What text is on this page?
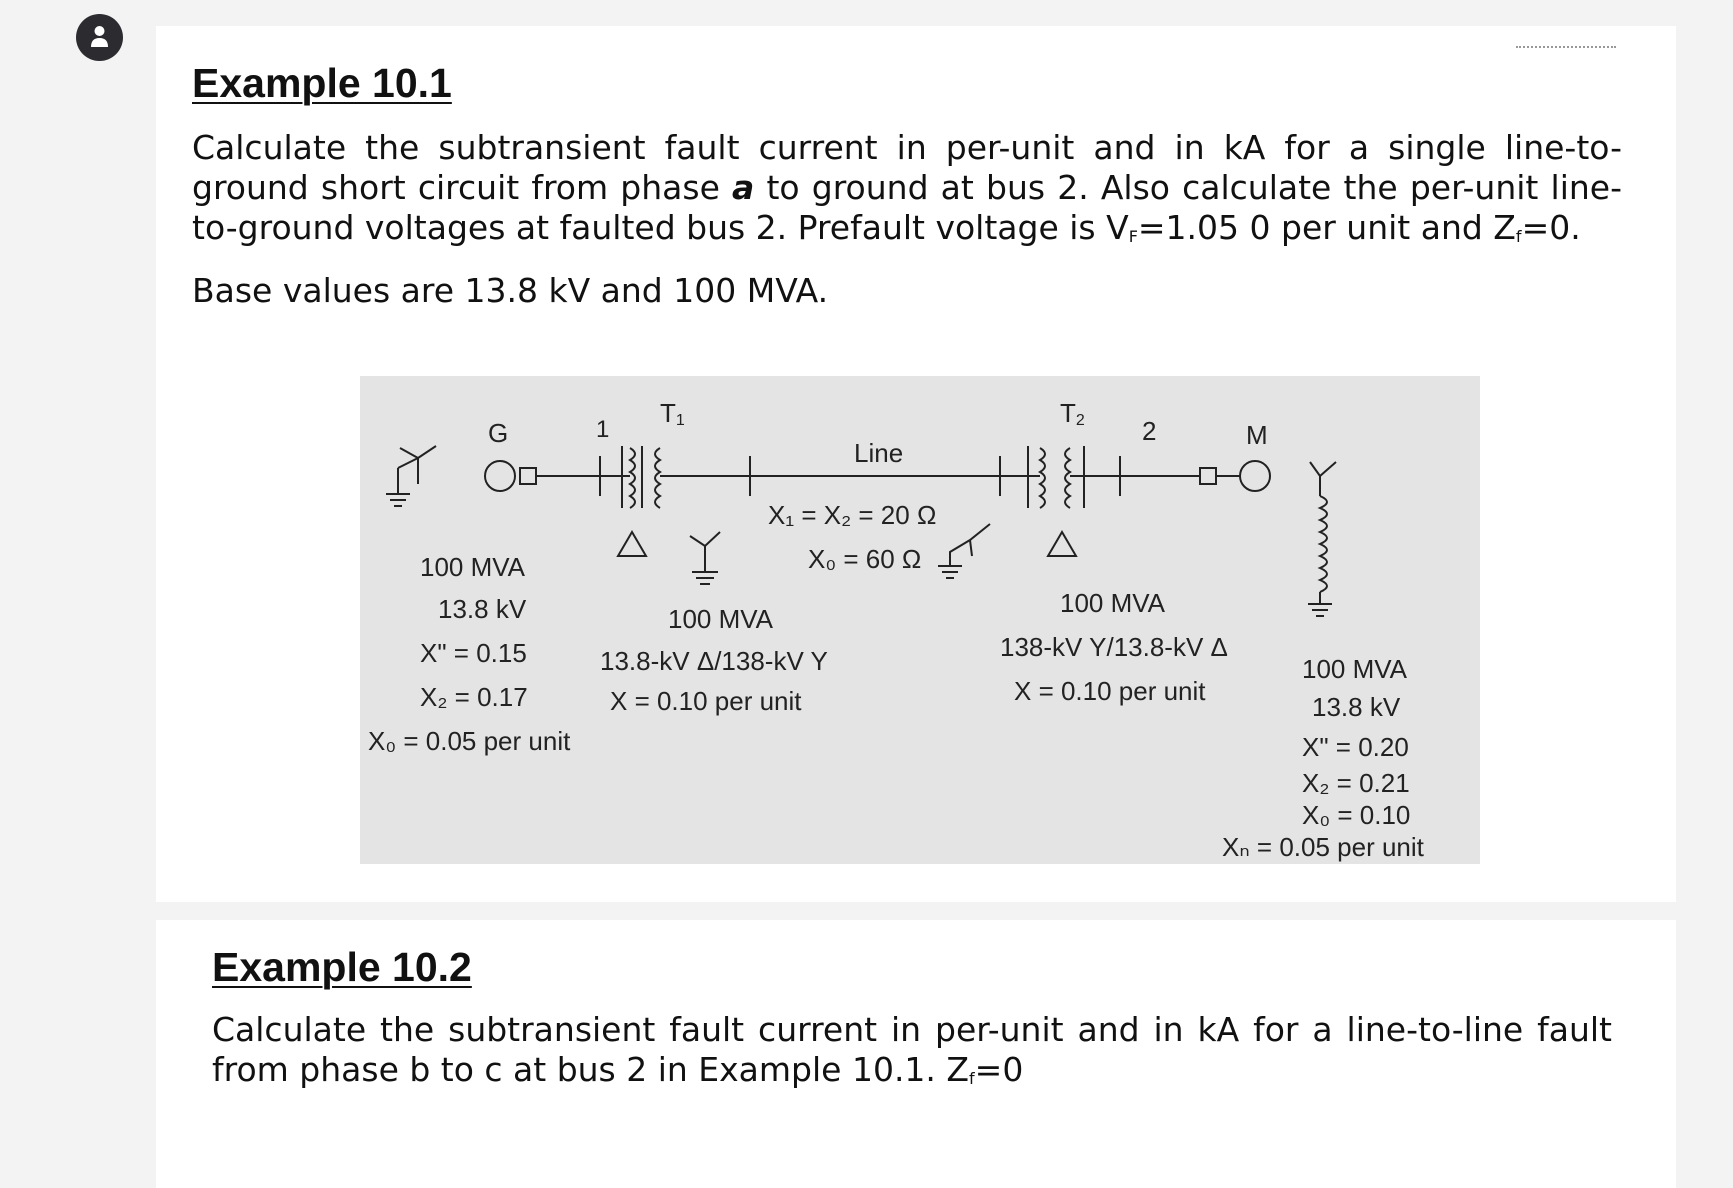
Example 10.1
Calculate the subtransient fault current in per-unit and in kA for a single line-to-
ground short circuit from phase a to ground at bus 2. Also calculate the per-unit line-
to-ground voltages at faulted bus 2. Prefault voltage is VF=1.05 0 per unit and Zf=0.
Base values are 13.8 kV and 100 MVA.
G	1
T1
Line
T2 2	M
X₁ = X₂ = 20 Ω
X₀ = 60 Ω
100 MVA
13.8 kV
X" = 0.15
X₂ = 0.17
X₀ = 0.05 per unit
100 MVA
13.8-kV Δ/138-kV Y
X = 0.10 per unit
100 MVA
138-kV Y/13.8-kV Δ
X = 0.10 per unit
100 MVA
13.8 kV
X" = 0.20
X₂ = 0.21
X₀ = 0.10
Xₙ = 0.05 per unit
Example 10.2
Calculate the subtransient fault current in per-unit and in kA for a line-to-line fault
from phase b to c at bus 2 in Example 10.1. Zf=0
